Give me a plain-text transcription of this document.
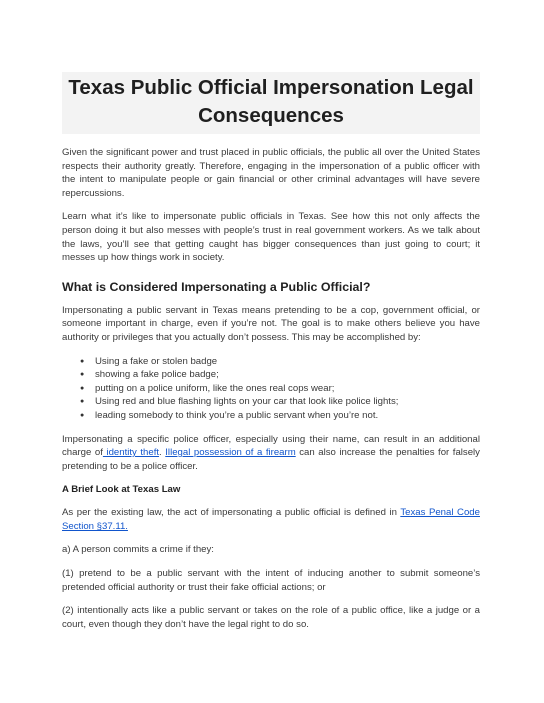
Texas Public Official Impersonation Legal Consequences

Given the significant power and trust placed in public officials, the public all over the United States respects their authority greatly. Therefore, engaging in the impersonation of a public officer with the intent to manipulate people or gain financial or other criminal advantages will have severe repercussions.

Learn what it’s like to impersonate public officials in Texas. See how this not only affects the person doing it but also messes with people’s trust in real government workers. As we talk about the laws, you’ll see that getting caught has bigger consequences than just going to court; it messes up how things work in society.

What is Considered Impersonating a Public Official?

Impersonating a public servant in Texas means pretending to be a cop, government official, or someone important in charge, even if you’re not. The goal is to make others believe you have authority or privileges that you actually don’t possess. This may be accomplished by:

● Using a fake or stolen badge
● showing a fake police badge;
● putting on a police uniform, like the ones real cops wear;
● Using red and blue flashing lights on your car that look like police lights;
● leading somebody to think you’re a public servant when you’re not.

Impersonating a specific police officer, especially using their name, can result in an additional charge of identity theft. Illegal possession of a firearm can also increase the penalties for falsely pretending to be a police officer.

A Brief Look at Texas Law

As per the existing law, the act of impersonating a public official is defined in Texas Penal Code Section §37.11.

a) A person commits a crime if they:

(1) pretend to be a public servant with the intent of inducing another to submit someone’s pretended official authority or trust their fake official actions; or

(2) intentionally acts like a public servant or takes on the role of a public office, like a judge or a court, even though they don’t have the legal right to do so.
